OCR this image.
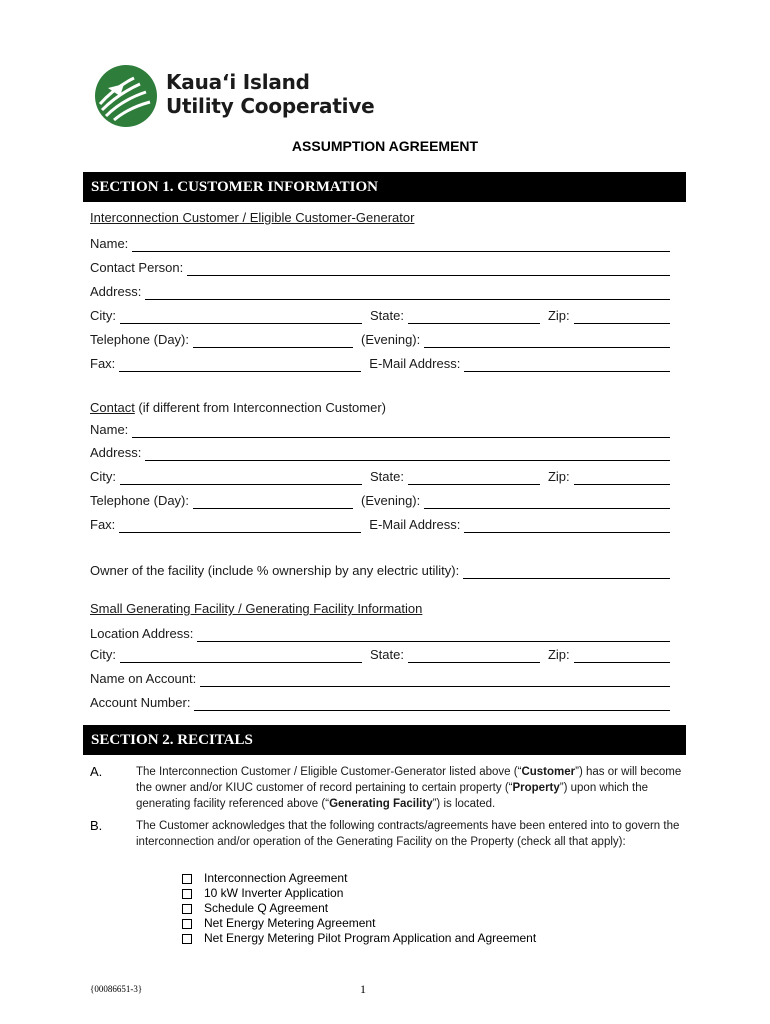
Kaua‘i Island
Utility Cooperative
ASSUMPTION AGREEMENT
SECTION 1. CUSTOMER INFORMATION
Interconnection Customer / Eligible Customer-Generator
Name:
Contact Person:
Address:
City:	State:	Zip:
Telephone (Day):	(Evening):
Fax:	E-Mail Address:
Contact (if different from Interconnection Customer)
Name:
Address:
City:	State:	Zip:
Telephone (Day):	(Evening):
Fax:	E-Mail Address:
Owner of the facility (include % ownership by any electric utility):
Small Generating Facility / Generating Facility Information
Location Address:
City:	State:	Zip:
Name on Account:
Account Number:
SECTION 2. RECITALS
A.	The Interconnection Customer / Eligible Customer-Generator listed above (“Customer”) has or will become the owner and/or KIUC customer of record pertaining to certain property (“Property”) upon which the generating facility referenced above (“Generating Facility”) is located.
B.	The Customer acknowledges that the following contracts/agreements have been entered into to govern the interconnection and/or operation of the Generating Facility on the Property (check all that apply):
Interconnection Agreement
10 kW Inverter Application
Schedule Q Agreement
Net Energy Metering Agreement
Net Energy Metering Pilot Program Application and Agreement
{00086651-3}	1
